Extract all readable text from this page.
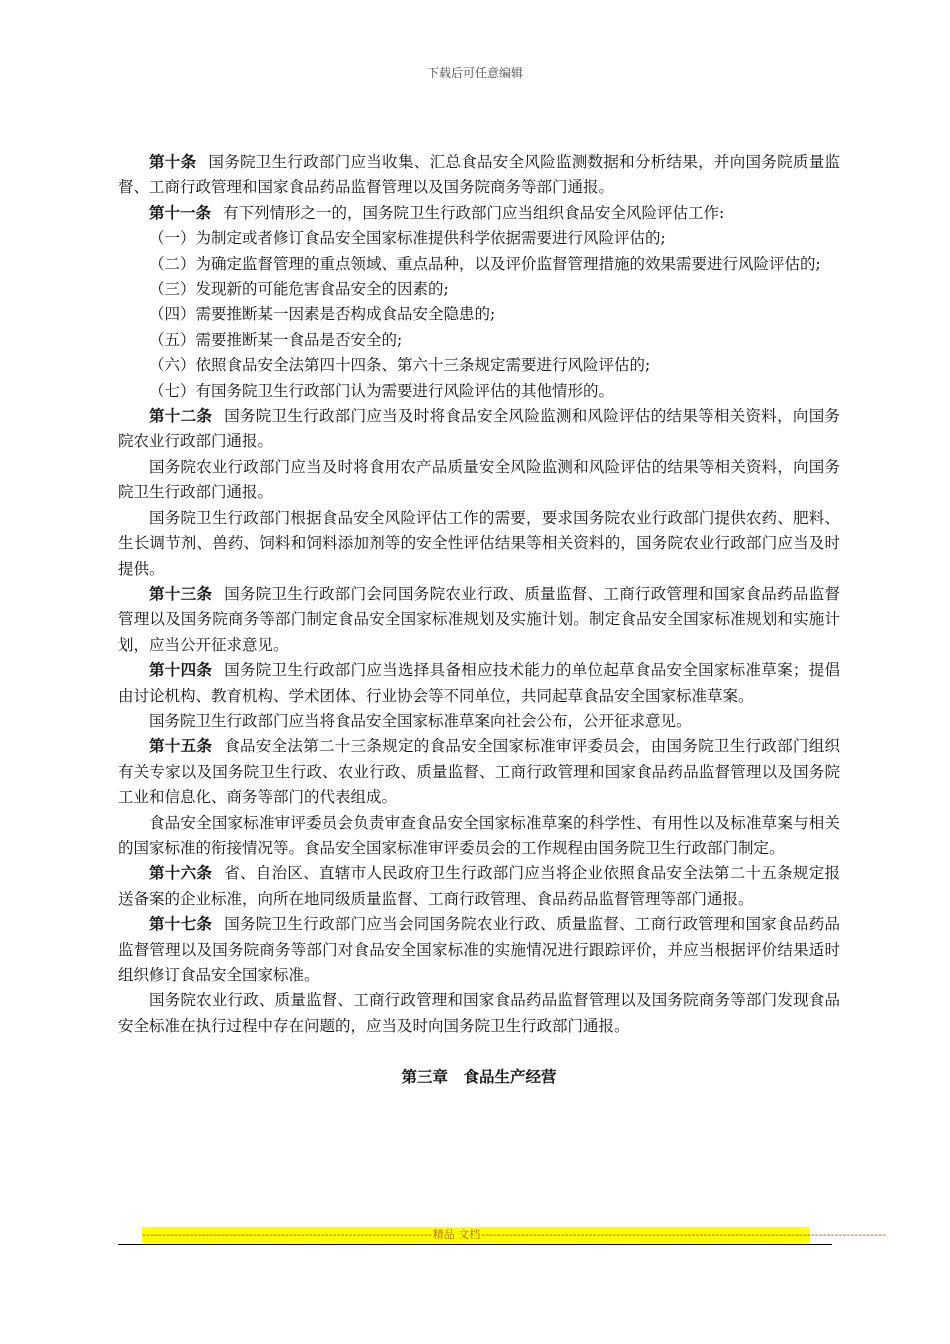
下载后可任意编辑

第十条 国务院卫生行政部门应当收集、汇总食品安全风险监测数据和分析结果，并向国务院质量监督、工商行政管理和国家食品药品监督管理以及国务院商务等部门通报。

第十一条 有下列情形之一的，国务院卫生行政部门应当组织食品安全风险评估工作:

（一）为制定或者修订食品安全国家标准提供科学依据需要进行风险评估的;

（二）为确定监督管理的重点领域、重点品种，以及评价监督管理措施的效果需要进行风险评估的;

（三）发现新的可能危害食品安全的因素的;

（四）需要推断某一因素是否构成食品安全隐患的;

（五）需要推断某一食品是否安全的;

（六）依照食品安全法第四十四条、第六十三条规定需要进行风险评估的;

（七）有国务院卫生行政部门认为需要进行风险评估的其他情形的。

第十二条 国务院卫生行政部门应当及时将食品安全风险监测和风险评估的结果等相关资料，向国务院农业行政部门通报。

国务院农业行政部门应当及时将食用农产品质量安全风险监测和风险评估的结果等相关资料，向国务院卫生行政部门通报。

国务院卫生行政部门根据食品安全风险评估工作的需要，要求国务院农业行政部门提供农药、肥料、生长调节剂、兽药、饲料和饲料添加剂等的安全性评估结果等相关资料的，国务院农业行政部门应当及时提供。

第十三条 国务院卫生行政部门会同国务院农业行政、质量监督、工商行政管理和国家食品药品监督管理以及国务院商务等部门制定食品安全国家标准规划及实施计划。制定食品安全国家标准规划和实施计划，应当公开征求意见。

第十四条 国务院卫生行政部门应当选择具备相应技术能力的单位起草食品安全国家标准草案；提倡由讨论机构、教育机构、学术团体、行业协会等不同单位，共同起草食品安全国家标准草案。

国务院卫生行政部门应当将食品安全国家标准草案向社会公布，公开征求意见。

第十五条 食品安全法第二十三条规定的食品安全国家标准审评委员会，由国务院卫生行政部门组织有关专家以及国务院卫生行政、农业行政、质量监督、工商行政管理和国家食品药品监督管理以及国务院工业和信息化、商务等部门的代表组成。

食品安全国家标准审评委员会负责审查食品安全国家标准草案的科学性、有用性以及标准草案与相关的国家标准的衔接情况等。食品安全国家标准审评委员会的工作规程由国务院卫生行政部门制定。

第十六条 省、自治区、直辖市人民政府卫生行政部门应当将企业依照食品安全法第二十五条规定报送备案的企业标准，向所在地同级质量监督、工商行政管理、食品药品监督管理等部门通报。

第十七条 国务院卫生行政部门应当会同国务院农业行政、质量监督、工商行政管理和国家食品药品监督管理以及国务院商务等部门对食品安全国家标准的实施情况进行跟踪评价，并应当根据评价结果适时组织修订食品安全国家标准。

国务院农业行政、质量监督、工商行政管理和国家食品药品监督管理以及国务院商务等部门发现食品安全标准在执行过程中存在问题的，应当及时向国务院卫生行政部门通报。

第三章　食品生产经营
------------------------------------------------------------------------- 精品 文档 ------------------------------------------------------------------------------------------------------
